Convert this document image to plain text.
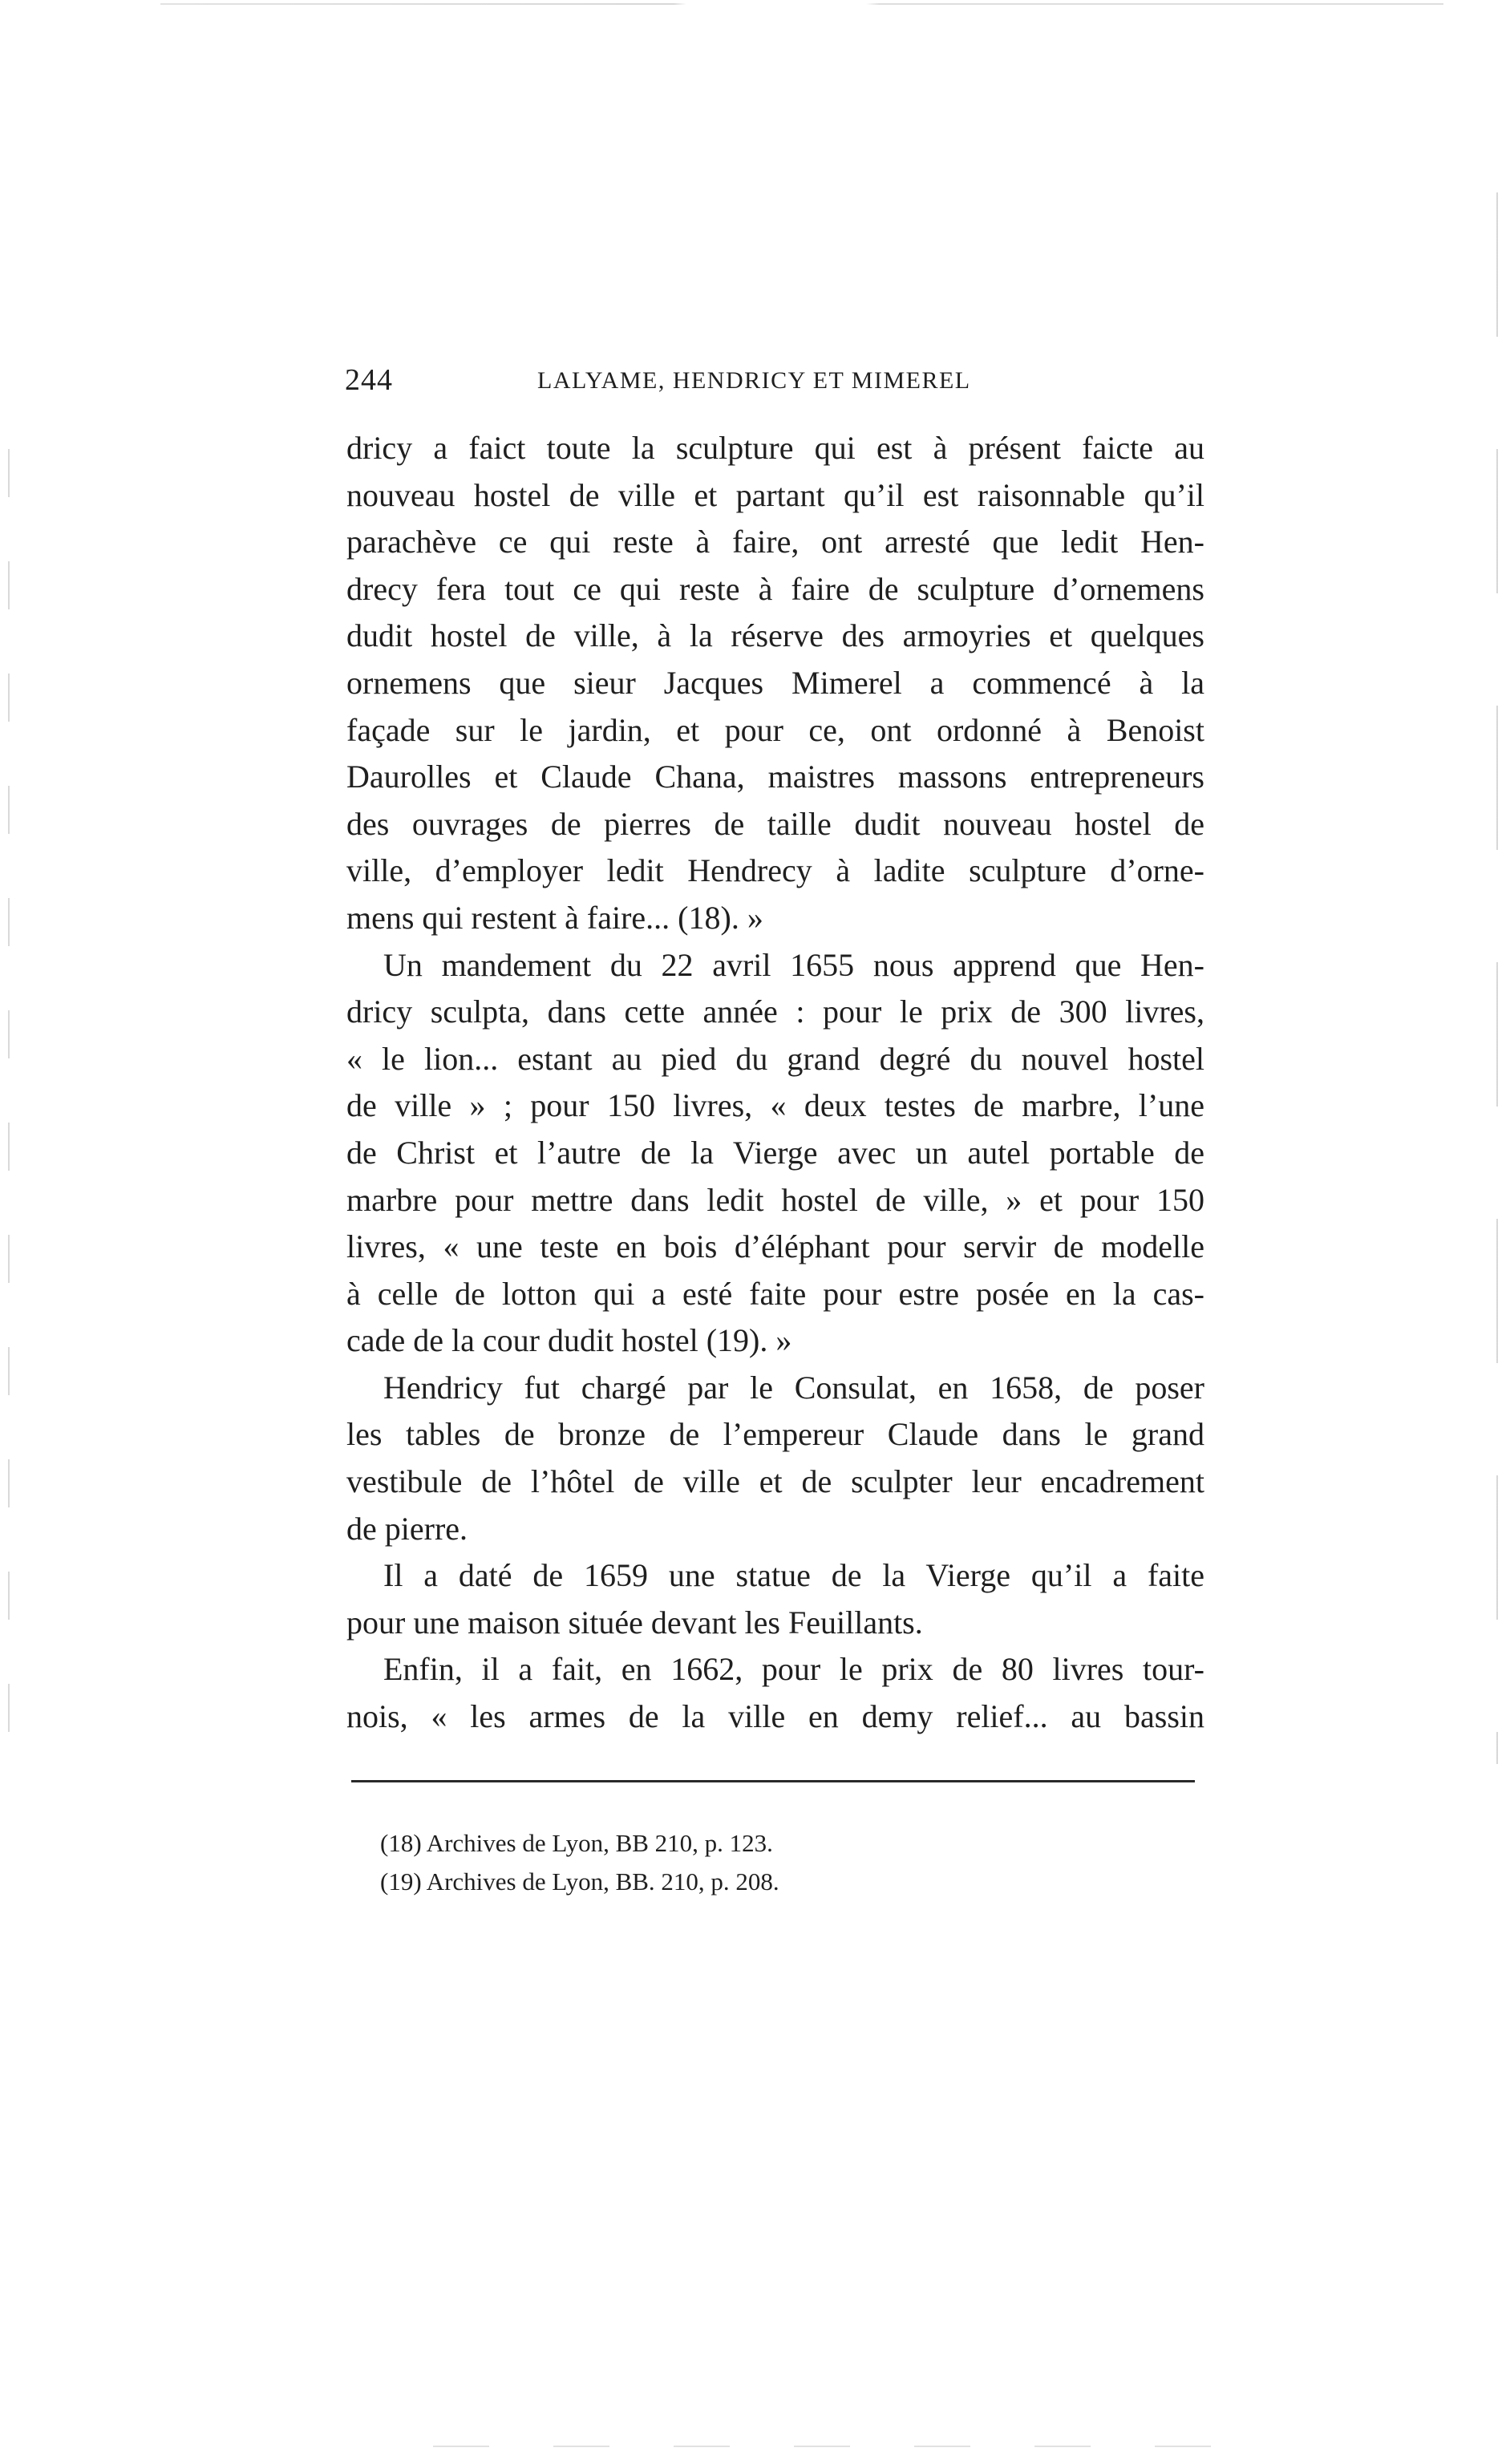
244	LALYAME, HENDRICY ET MIMEREL
dricy a faict toute la sculpture qui est à présent faicte au
nouveau hostel de ville et partant qu’il est raisonnable qu’il
parachève ce qui reste à faire, ont arresté que ledit Hen-
drecy fera tout ce qui reste à faire de sculpture d’ornemens
dudit hostel de ville, à la réserve des armoyries et quelques
ornemens que sieur Jacques Mimerel a commencé à la
façade sur le jardin, et pour ce, ont ordonné à Benoist
Daurolles et Claude Chana, maistres massons entrepreneurs
des ouvrages de pierres de taille dudit nouveau hostel de
ville, d’employer ledit Hendrecy à ladite sculpture d’orne-
mens qui restent à faire... (18). »
Un mandement du 22 avril 1655 nous apprend que Hen-
dricy sculpta, dans cette année : pour le prix de 300 livres,
« le lion... estant au pied du grand degré du nouvel hostel
de ville » ; pour 150 livres, « deux testes de marbre, l’une
de Christ et l’autre de la Vierge avec un autel portable de
marbre pour mettre dans ledit hostel de ville, » et pour 150
livres, « une teste en bois d’éléphant pour servir de modelle
à celle de lotton qui a esté faite pour estre posée en la cas-
cade de la cour dudit hostel (19). »
Hendricy fut chargé par le Consulat, en 1658, de poser
les tables de bronze de l’empereur Claude dans le grand
vestibule de l’hôtel de ville et de sculpter leur encadrement
de pierre.
Il a daté de 1659 une statue de la Vierge qu’il a faite
pour une maison située devant les Feuillants.
Enfin, il a fait, en 1662, pour le prix de 80 livres tour-
nois, « les armes de la ville en demy relief... au bassin
(18) Archives de Lyon, BB 210, p. 123.
(19) Archives de Lyon, BB. 210, p. 208.
